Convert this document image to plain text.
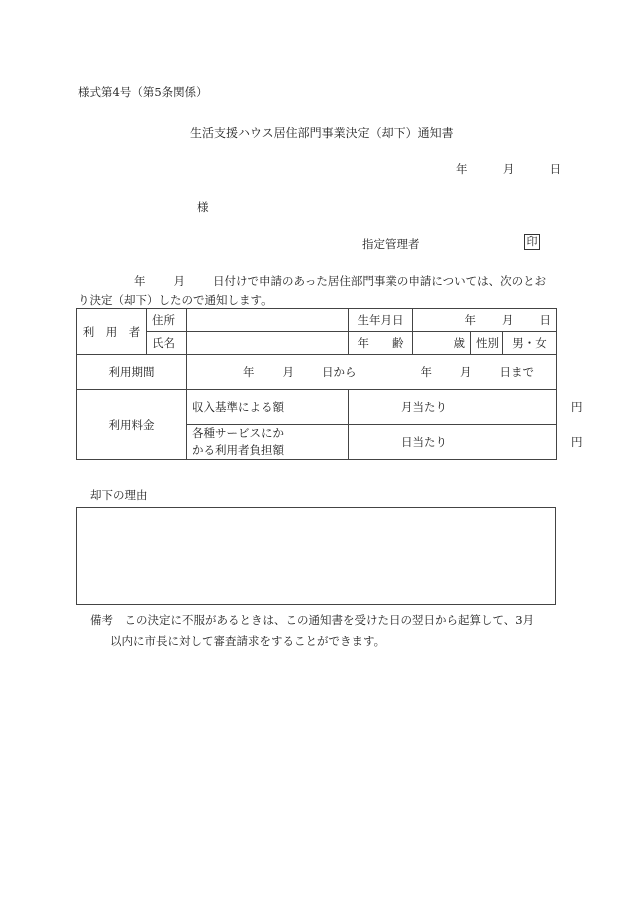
様式第4号（第5条関係）
生活支援ハウス居住部門事業決定（却下）通知書
年	月	日
様
指定管理者	印
年 月 日付けで申請のあった居住部門事業の申請については、次のとお
り決定（却下）したので通知します。
利　用　者	住所		生年月日	年 月 日		
	氏名		年　　齢	歳	性別	男・女
利用期間		年 月 日から 年 月 日まで				
利用料金		収入基準による額	月当たり 円			

		各種サービスにか
かる利用者負担額	日当たり 円			
却下の理由
備考　この決定に不服があるときは、この通知書を受けた日の翌日から起算して、3月
以内に市長に対して審査請求をすることができます。
